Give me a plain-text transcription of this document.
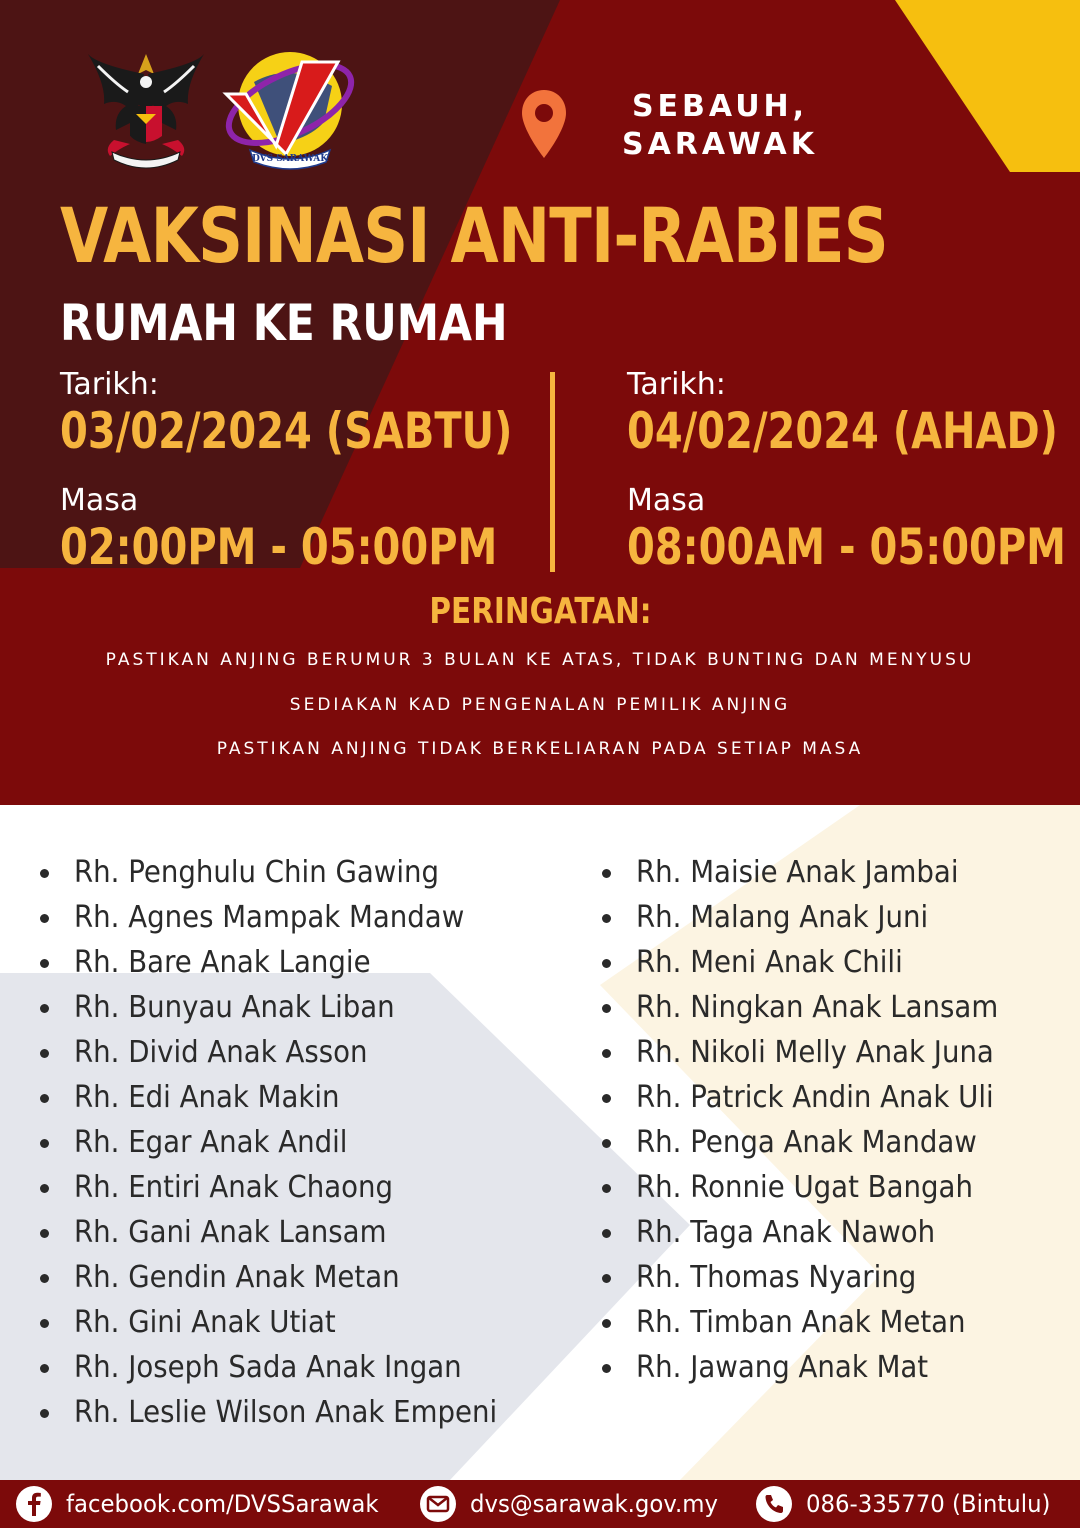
DVS SARAWAK
SEBAUH,
SARAWAK
VAKSINASI ANTI-RABIES
RUMAH KE RUMAH
Tarikh:
03/02/2024 (SABTU)
Masa
02:00PM - 05:00PM
Tarikh:
04/02/2024 (AHAD)
Masa
08:00AM - 05:00PM
PERINGATAN:
PASTIKAN ANJING BERUMUR 3 BULAN KE ATAS, TIDAK BUNTING DAN MENYUSU
SEDIAKAN KAD PENGENALAN PEMILIK ANJING
PASTIKAN ANJING TIDAK BERKELIARAN PADA SETIAP MASA
Rh. Penghulu Chin Gawing
Rh. Agnes Mampak Mandaw
Rh. Bare Anak Langie
Rh. Bunyau Anak Liban
Rh. Divid Anak Asson
Rh. Edi Anak Makin
Rh. Egar Anak Andil
Rh. Entiri Anak Chaong
Rh. Gani Anak Lansam
Rh. Gendin Anak Metan
Rh. Gini Anak Utiat
Rh. Joseph Sada Anak Ingan
Rh. Leslie Wilson Anak Empeni
Rh. Maisie Anak Jambai
Rh. Malang Anak Juni
Rh. Meni Anak Chili
Rh. Ningkan Anak Lansam
Rh. Nikoli Melly Anak Juna
Rh. Patrick Andin Anak Uli
Rh. Penga Anak Mandaw
Rh. Ronnie Ugat Bangah
Rh. Taga Anak Nawoh
Rh. Thomas Nyaring
Rh. Timban Anak Metan
Rh. Jawang Anak Mat
facebook.com/DVSSarawak	dvs@sarawak.gov.my	086-335770 (Bintulu)
